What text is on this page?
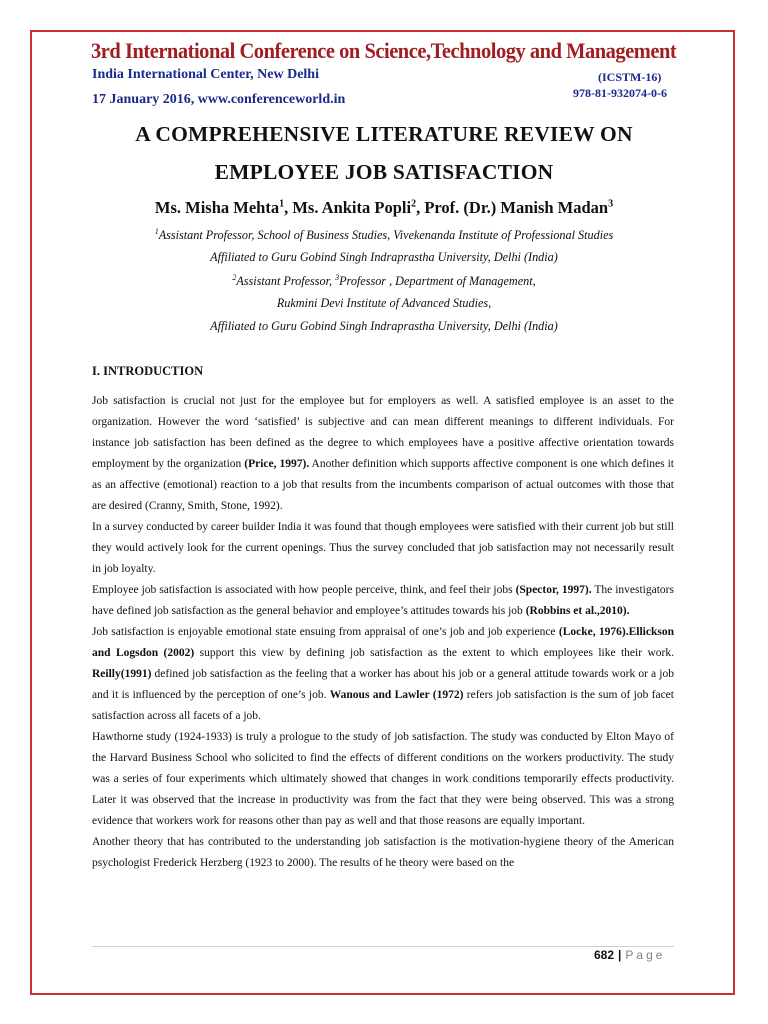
3rd International Conference on Science,Technology and Management
India International Center, New Delhi	(ICSTM-16)
17 January 2016, www.conferenceworld.in	978-81-932074-0-6
A COMPREHENSIVE LITERATURE REVIEW ON
EMPLOYEE JOB SATISFACTION
Ms. Misha Mehta$^1$, Ms. Ankita Popli$^2$, Prof. (Dr.) Manish Madan$^3$
$^1$Assistant Professor, School of Business Studies, Vivekenanda Institute of Professional Studies
Affiliated to Guru Gobind Singh Indraprastha University, Delhi (India)
$^2$Assistant Professor, $^3$Professor , Department of Management,
Rukmini Devi Institute of Advanced Studies,
Affiliated to Guru Gobind Singh Indraprastha University, Delhi (India)
I. INTRODUCTION

Job satisfaction is crucial not just for the employee but for employers as well. A satisfied employee is an asset to the organization. However the word ‘satisfied’ is subjective and can mean different meanings to different individuals. For instance job satisfaction has been defined as the degree to which employees have a positive affective orientation towards employment by the organization (Price, 1997). Another definition which supports affective component is one which defines it as an affective (emotional) reaction to a job that results from the incumbents comparison of actual outcomes with those that are desired (Cranny, Smith, Stone, 1992).

In a survey conducted by career builder India it was found that though employees were satisfied with their current job but still they would actively look for the current openings. Thus the survey concluded that job satisfaction may not necessarily result in job loyalty.

Employee job satisfaction is associated with how people perceive, think, and feel their jobs (Spector, 1997). The investigators have defined job satisfaction as the general behavior and employee’s attitudes towards his job (Robbins et al.,2010).

Job satisfaction is enjoyable emotional state ensuing from appraisal of one’s job and job experience (Locke, 1976).Ellickson and Logsdon (2002) support this view by defining job satisfaction as the extent to which employees like their work. Reilly(1991) defined job satisfaction as the feeling that a worker has about his job or a general attitude towards work or a job and it is influenced by the perception of one’s job. Wanous and Lawler (1972) refers job satisfaction is the sum of job facet satisfaction across all facets of a job.

Hawthorne study (1924-1933) is truly a prologue to the study of job satisfaction. The study was conducted by Elton Mayo of the Harvard Business School who solicited to find the effects of different conditions on the workers productivity. The study was a series of four experiments which ultimately showed that changes in work conditions temporarily effects productivity. Later it was observed that the increase in productivity was from the fact that they were being observed. This was a strong evidence that workers work for reasons other than pay as well and that those reasons are equally important.

Another theory that has contributed to the understanding job satisfaction is the motivation-hygiene theory of the American psychologist Frederick Herzberg (1923 to 2000). The results of he theory were based on the

682 | Page
